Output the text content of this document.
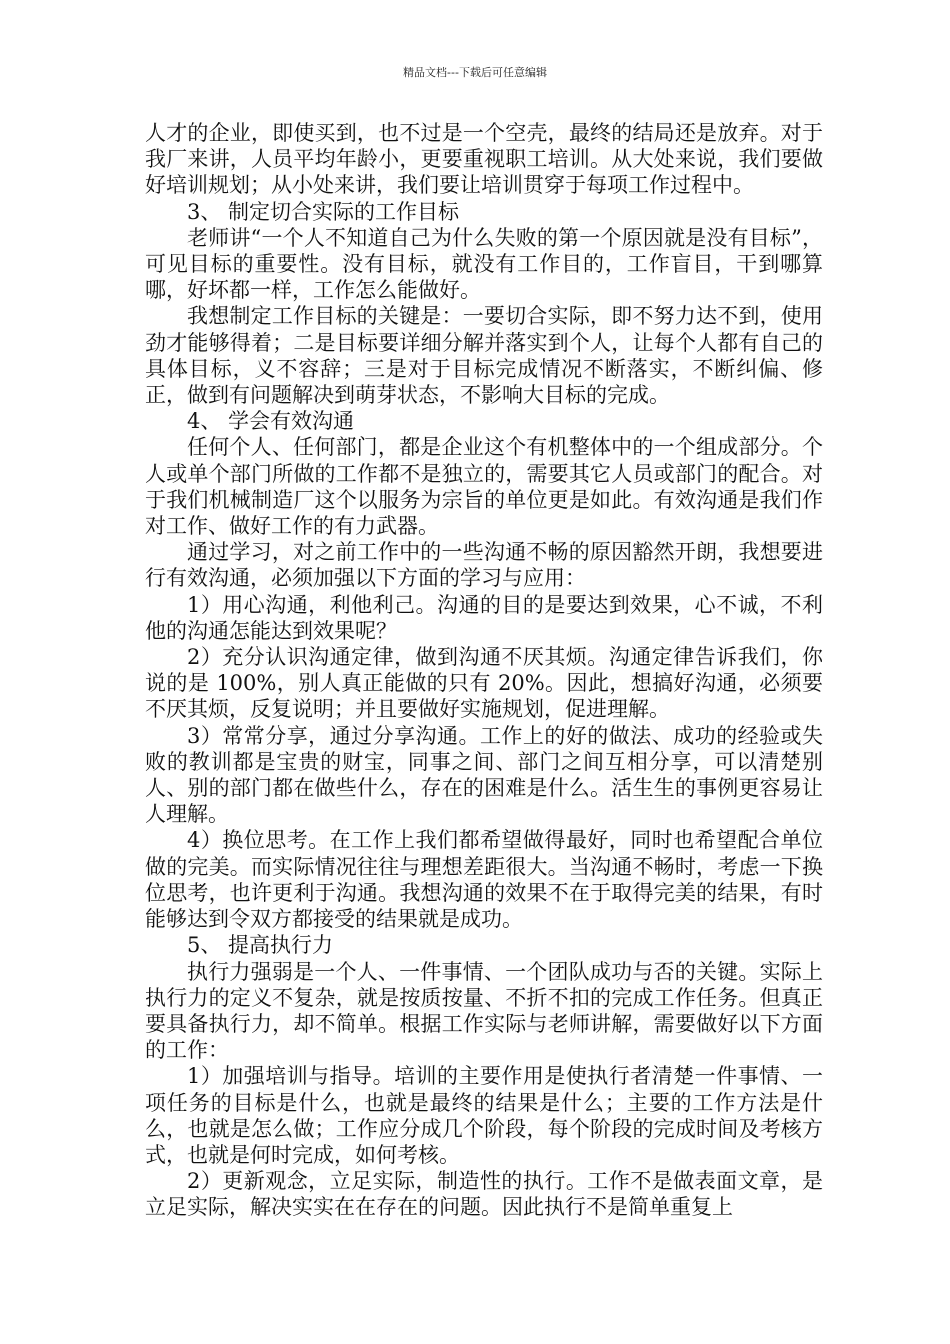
精品文档---下载后可任意编辑

人才的企业，即使买到，也不过是一个空壳，最终的结局还是放弃。对于我厂来讲，人员平均年龄小，更要重视职工培训。从大处来说，我们要做好培训规划；从小处来讲，我们要让培训贯穿于每项工作过程中。

3、 制定切合实际的工作目标

老师讲“一个人不知道自己为什么失败的第一个原因就是没有目标”，可见目标的重要性。没有目标，就没有工作目的，工作盲目，干到哪算哪，好坏都一样，工作怎么能做好。

我想制定工作目标的关键是：一要切合实际，即不努力达不到，使用劲才能够得着；二是目标要详细分解并落实到个人，让每个人都有自己的具体目标，义不容辞；三是对于目标完成情况不断落实，不断纠偏、修正，做到有问题解决到萌芽状态，不影响大目标的完成。

4、 学会有效沟通

任何个人、任何部门，都是企业这个有机整体中的一个组成部分。个人或单个部门所做的工作都不是独立的，需要其它人员或部门的配合。对于我们机械制造厂这个以服务为宗旨的单位更是如此。有效沟通是我们作对工作、做好工作的有力武器。

通过学习，对之前工作中的一些沟通不畅的原因豁然开朗，我想要进行有效沟通，必须加强以下方面的学习与应用：

1）用心沟通，利他利己。沟通的目的是要达到效果，心不诚，不利他的沟通怎能达到效果呢？

2）充分认识沟通定律，做到沟通不厌其烦。沟通定律告诉我们，你说的是 100%，别人真正能做的只有 20%。因此，想搞好沟通，必须要不厌其烦，反复说明；并且要做好实施规划，促进理解。

3）常常分享，通过分享沟通。工作上的好的做法、成功的经验或失败的教训都是宝贵的财宝，同事之间、部门之间互相分享，可以清楚别人、别的部门都在做些什么，存在的困难是什么。活生生的事例更容易让人理解。

4）换位思考。在工作上我们都希望做得最好，同时也希望配合单位做的完美。而实际情况往往与理想差距很大。当沟通不畅时，考虑一下换位思考，也许更利于沟通。我想沟通的效果不在于取得完美的结果，有时能够达到令双方都接受的结果就是成功。

5、 提高执行力

执行力强弱是一个人、一件事情、一个团队成功与否的关键。实际上执行力的定义不复杂，就是按质按量、不折不扣的完成工作任务。但真正要具备执行力，却不简单。根据工作实际与老师讲解，需要做好以下方面的工作：

1）加强培训与指导。培训的主要作用是使执行者清楚一件事情、一项任务的目标是什么，也就是最终的结果是什么；主要的工作方法是什么，也就是怎么做；工作应分成几个阶段，每个阶段的完成时间及考核方式，也就是何时完成，如何考核。

2）更新观念，立足实际，制造性的执行。工作不是做表面文章，是立足实际，解决实实在在存在的问题。因此执行不是简单重复上
